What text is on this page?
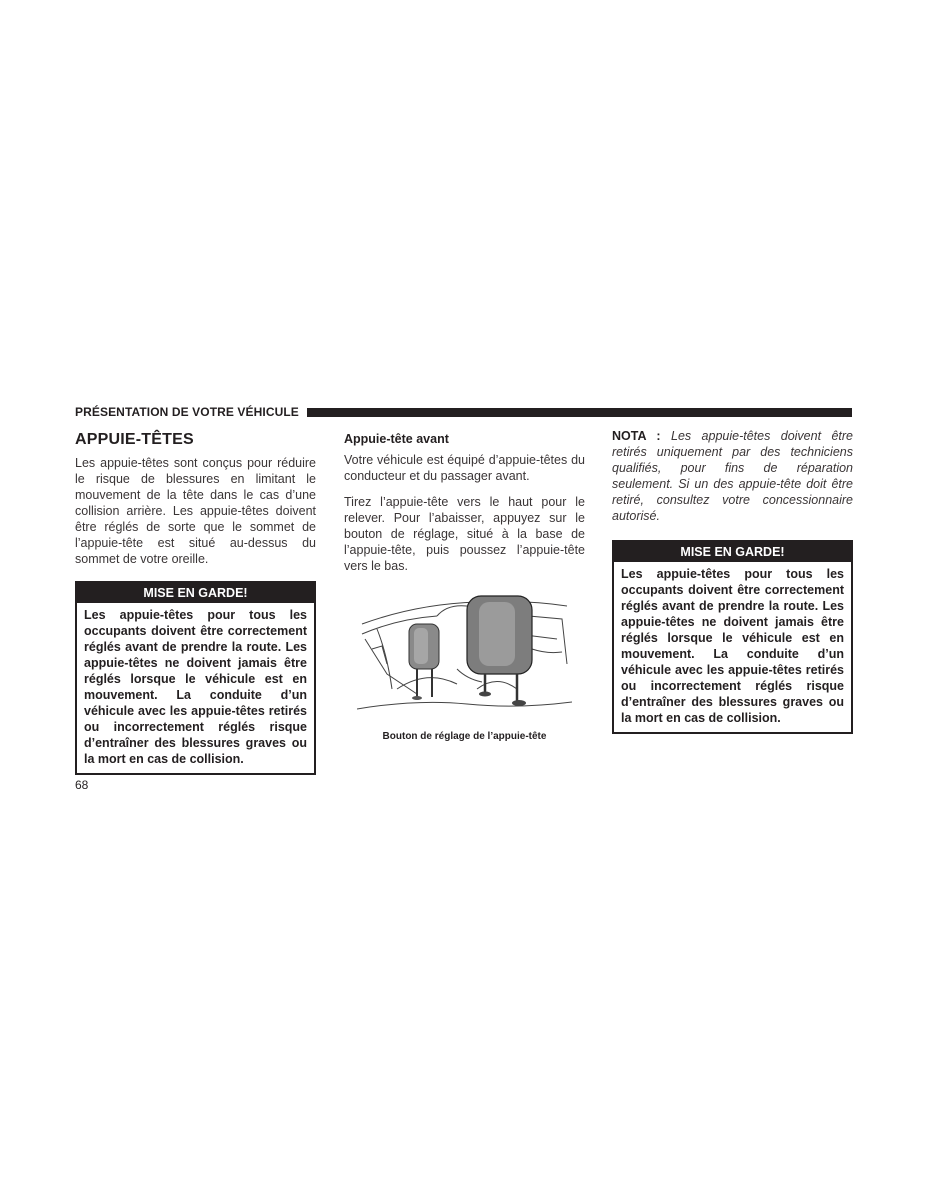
PRÉSENTATION DE VOTRE VÉHICULE
APPUIE-TÊTES

Les appuie-têtes sont conçus pour réduire le risque de blessures en limitant le mouvement de la tête dans le cas d’une collision arrière. Les appuie-têtes doivent être réglés de sorte que le sommet de l’appuie-tête est situé au-dessus du sommet de votre oreille.

MISE EN GARDE!
Les appuie-têtes pour tous les occupants doivent être correctement réglés avant de prendre la route. Les appuie-têtes ne doivent jamais être réglés lorsque le véhicule est en mouvement. La conduite d’un véhicule avec les appuie-têtes retirés ou incorrectement réglés risque d’entraîner des blessures graves ou la mort en cas de collision.
Appuie-tête avant

Votre véhicule est équipé d’appuie-têtes du conducteur et du passager avant.

Tirez l’appuie-tête vers le haut pour le relever. Pour l’abaisser, appuyez sur le bouton de réglage, situé à la base de l’appuie-tête, puis poussez l’appuie-tête vers le bas.

Bouton de réglage de l’appuie-tête

NOTA : Les appuie-têtes doivent être retirés uniquement par des techniciens qualifiés, pour fins de réparation seulement. Si un des appuie-tête doit être retiré, consultez votre concessionnaire autorisé.

MISE EN GARDE!
Les appuie-têtes pour tous les occupants doivent être correctement réglés avant de prendre la route. Les appuie-têtes ne doivent jamais être réglés lorsque le véhicule est en mouvement. La conduite d’un véhicule avec les appuie-têtes retirés ou incorrectement réglés risque d’entraîner des blessures graves ou la mort en cas de collision.
68
